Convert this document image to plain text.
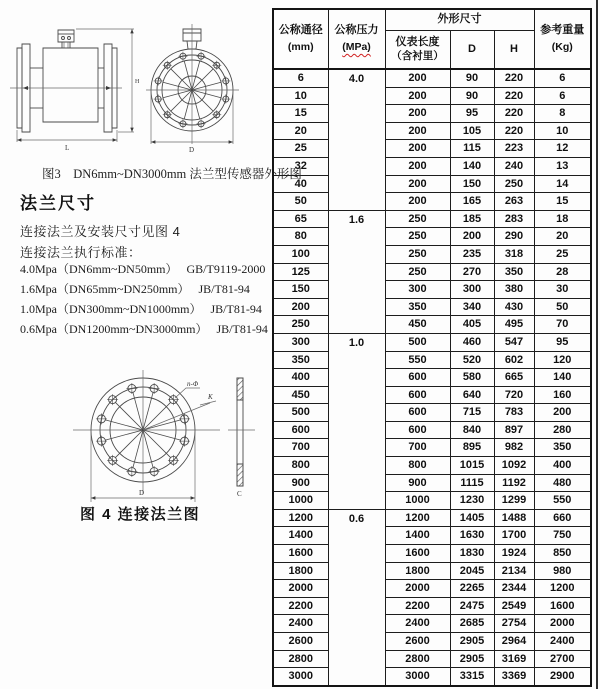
H
L	D
图3    DN6mm~DN3000mm 法兰型传感器外形图
法兰尺寸
连接法兰及安装尺寸见图 4
连接法兰执行标准：
4.0Mpa（DN6mm~DN50mm）   GB/T9119-2000
1.6Mpa（DN65mm~DN250mm）   JB/T81-94
1.0Mpa（DN300mm~DN1000mm）   JB/T81-94
0.6Mpa（DN1200mm~DN3000mm）   JB/T81-94
n-Φ
K
D	C
图 4 连接法兰图
公称通径
(mm)	公称压力
(MPa)	外形尺寸			参考重量
(Kg)

		仪表长度
（含衬里）	D	H	
6	4.0	200	90	220	6
10		200	90	220	6
15		200	95	220	8
20		200	105	220	10
25		200	115	223	12
32		200	140	240	13
40		200	150	250	14
50		200	165	263	15
65	1.6	250	185	283	18
80		250	200	290	20
100		250	235	318	25
125		250	270	350	28
150		300	300	380	30
200		350	340	430	50
250		450	405	495	70
300	1.0	500	460	547	95
350		550	520	602	120
400		600	580	665	140
450		600	640	720	160
500		600	715	783	200
600		600	840	897	280
700		700	895	982	350
800		800	1015	1092	400
900		900	1115	1192	480
1000		1000	1230	1299	550
1200	0.6	1200	1405	1488	660
1400		1400	1630	1700	750
1600		1600	1830	1924	850
1800		1800	2045	2134	980
2000		2000	2265	2344	1200
2200		2200	2475	2549	1600
2400		2400	2685	2754	2000
2600		2600	2905	2964	2400
2800		2800	2905	3169	2700
3000		3000	3315	3369	2900
